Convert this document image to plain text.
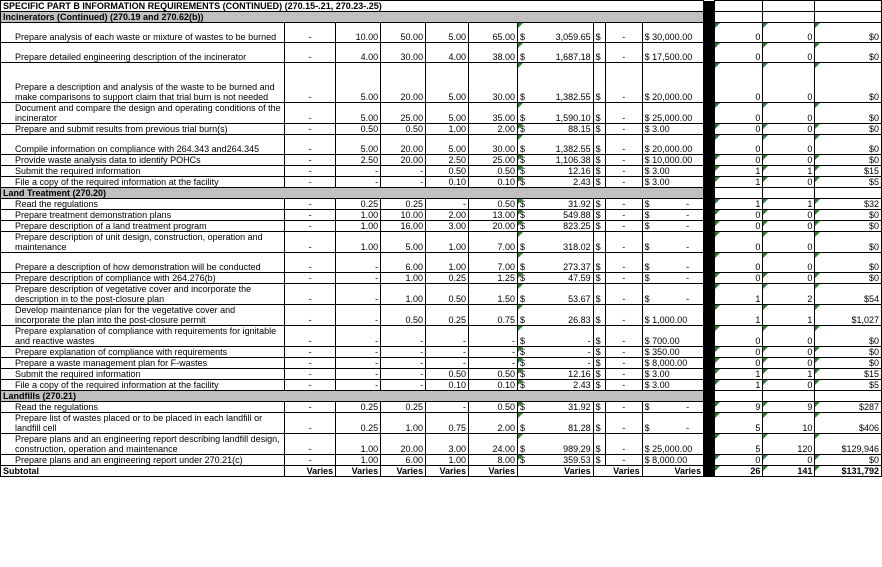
SPECIFIC PART B INFORMATION REQUIREMENTS (CONTINUED) (270.15-.21, 270.23-.25)														
Incinerators (Continued) (270.19 and 270.62(b))														
Prepare analysis of each waste or mixture of wastes to be burned	-	10.00	50.00	5.00	65.00	$	3,059.65	$	-	$ 30,000.00		0	0	$0
Prepare detailed engineering description of the incinerator	-	4.00	30.00	4.00	38.00	$	1,687.18	$	-	$ 17,500.00		0	0	$0
Prepare a description and analysis of the waste to be burned and make comparisons to support claim that trial burn is not needed	-	5.00	20.00	5.00	30.00	$	1,382.55	$	-	$ 20,000.00		0	0	$0
Document and compare the design and operating conditions of the incinerator	-	5.00	25.00	5.00	35.00	$	1,590.10	$	-	$ 25,000.00		0	0	$0
Prepare and submit results from previous trial burn(s)	-	0.50	0.50	1.00	2.00	$	88.15	$	-	$ 3.00		0	0	$0
Compile information on compliance with 264.343 and264.345	-	5.00	20.00	5.00	30.00	$	1,382.55	$	-	$ 20,000.00		0	0	$0
Provide waste analysis data to identify POHCs	-	2.50	20.00	2.50	25.00	$	1,106.38	$	-	$ 10,000.00		0	0	$0
Submit the required information	-	-	-	0.50	0.50	$	12.16	$	-	$ 3.00		1	1	$15
File a copy of the required information at the facility	-	-	-	0.10	0.10	$	2.43	$	-	$ 3.00		1	0	$5
Land Treatment (270.20)														
Read the regulations	-	0.25	0.25	-	0.50	$	31.92	$	-	$ -		1	1	$32
Prepare treatment demonstration plans	-	1.00	10.00	2.00	13.00	$	549.88	$	-	$ -		0	0	$0
Prepare description of a land treatment program	-	1.00	16.00	3.00	20.00	$	823.25	$	-	$ -		0	0	$0
Prepare description of unit design, construction, operation and maintenance	-	1.00	5.00	1.00	7.00	$	318.02	$	-	$ -		0	0	$0
Prepare a description of how demonstration will be conducted	-	-	6.00	1.00	7.00	$	273.37	$	-	$ -		0	0	$0
Prepare description of compliance with 264.276(b)	-	-	1.00	0.25	1.25	$	47.59	$	-	$ -		0	0	$0
Prepare description of vegetative cover and incorporate the description in to the post-closure plan	-	-	1.00	0.50	1.50	$	53.67	$	-	$ -		1	2	$54
Develop maintenance plan for the vegetative cover and incorporate the plan into the post-closure permit	-	-	0.50	0.25	0.75	$	26.83	$	-	$ 1,000.00		1	1	$1,027
Prepare explanation of compliance with requirements for ignitable and reactive wastes	-	-	-	-	-	$	-	$	-	$ 700.00		0	0	$0
Prepare explanation of compliance with requirements	-	-	-	-	-	$	-	$	-	$ 350.00		0	0	$0
Prepare a waste management plan for F-wastes	-	-	-	-	-	$	-	$	-	$ 8,000.00		0	0	$0
Submit the required information	-	-	-	0.50	0.50	$	12.16	$	-	$ 3.00		1	1	$15
File a copy of the required information at the facility	-	-	-	0.10	0.10	$	2.43	$	-	$ 3.00		1	0	$5
Landfills (270.21)														
Read the regulations	-	0.25	0.25	-	0.50	$	31.92	$	-	$ -		9	9	$287
Prepare list of wastes placed or to be placed in each landfill or landfill cell	-	0.25	1.00	0.75	2.00	$	81.28	$	-	$ -		5	10	$406
Prepare plans and an engineering report describing landfill design, construction, operation and maintenance	-	1.00	20.00	3.00	24.00	$	989.29	$	-	$ 25,000.00		5	120	$129,946
Prepare plans and an engineering report under 270.21(c)	-	1.00	6.00	1.00	8.00	$	359.53	$	-	$ 8,000.00		0	0	$0
Subtotal	Varies	Varies	Varies	Varies	Varies	Varies		Varies		Varies		26	141	$131,792
